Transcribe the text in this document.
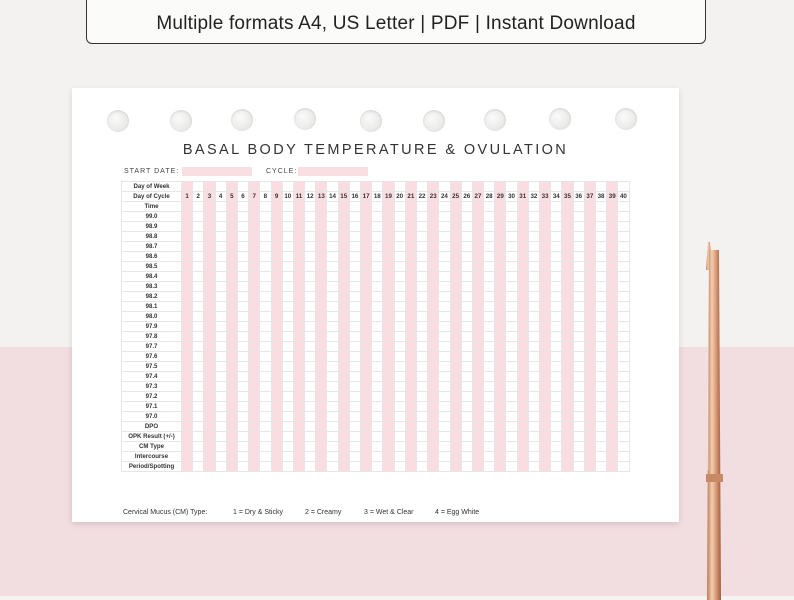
Multiple formats A4, US Letter | PDF | Instant Download
BASAL BODY TEMPERATURE & OVULATION
START DATE:	CYCLE:
Day of Week																																								
Day of Cycle	1	2	3	4	5	6	7	8	9	10	11	12	13	14	15	16	17	18	19	20	21	22	23	24	25	26	27	28	29	30	31	32	33	34	35	36	37	38	39	40
Time																																								
99.0																																								
98.9																																								
98.8																																								
98.7																																								
98.6																																								
98.5																																								
98.4																																								
98.3																																								
98.2																																								
98.1																																								
98.0																																								
97.9																																								
97.8																																								
97.7																																								
97.6																																								
97.5																																								
97.4																																								
97.3																																								
97.2																																								
97.1																																								
97.0																																								
DPO																																								
OPK Result (+/-)																																								
CM Type																																								
Intercourse																																								
Period/Spotting																																								
Cervical Mucus (CM) Type:	1 = Dry & Sticky	2 = Creamy	3 = Wet & Clear	4 = Egg White
